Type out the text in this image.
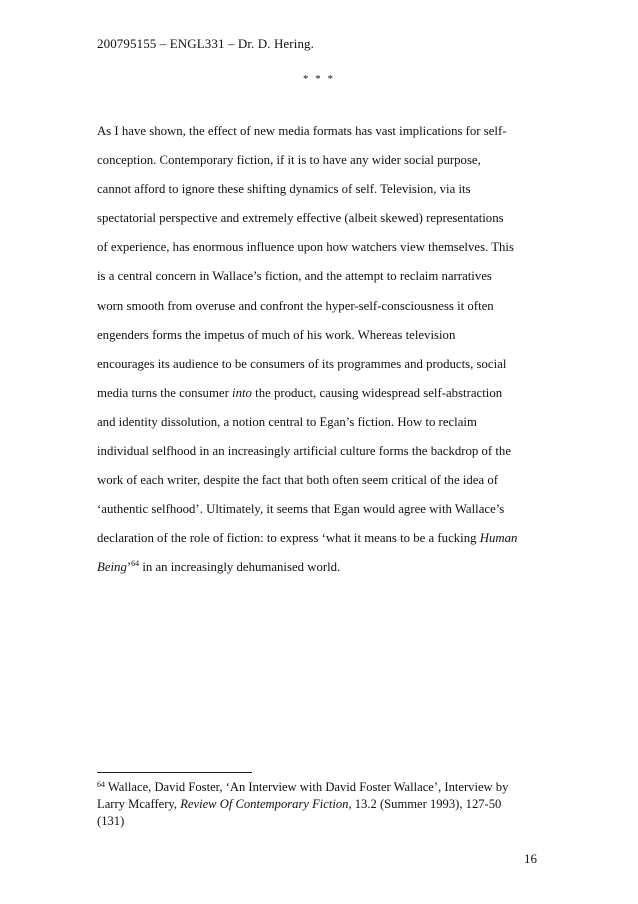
200795155 – ENGL331 – Dr. D. Hering.
* * *
As I have shown, the effect of new media formats has vast implications for self-
conception. Contemporary fiction, if it is to have any wider social purpose,
cannot afford to ignore these shifting dynamics of self. Television, via its
spectatorial perspective and extremely effective (albeit skewed) representations
of experience, has enormous influence upon how watchers view themselves. This
is a central concern in Wallace’s fiction, and the attempt to reclaim narratives
worn smooth from overuse and confront the hyper-self-consciousness it often
engenders forms the impetus of much of his work. Whereas television
encourages its audience to be consumers of its programmes and products, social
media turns the consumer into the product, causing widespread self-abstraction
and identity dissolution, a notion central to Egan’s fiction. How to reclaim
individual selfhood in an increasingly artificial culture forms the backdrop of the
work of each writer, despite the fact that both often seem critical of the idea of
‘authentic selfhood’. Ultimately, it seems that Egan would agree with Wallace’s
declaration of the role of fiction: to express ‘what it means to be a fucking Human
Being’$^{64}$ in an increasingly dehumanised world.
$^{64}$ Wallace, David Foster, ‘An Interview with David Foster Wallace’, Interview by
Larry Mcaffery, Review Of Contemporary Fiction, 13.2 (Summer 1993), 127-50
(131)
16
